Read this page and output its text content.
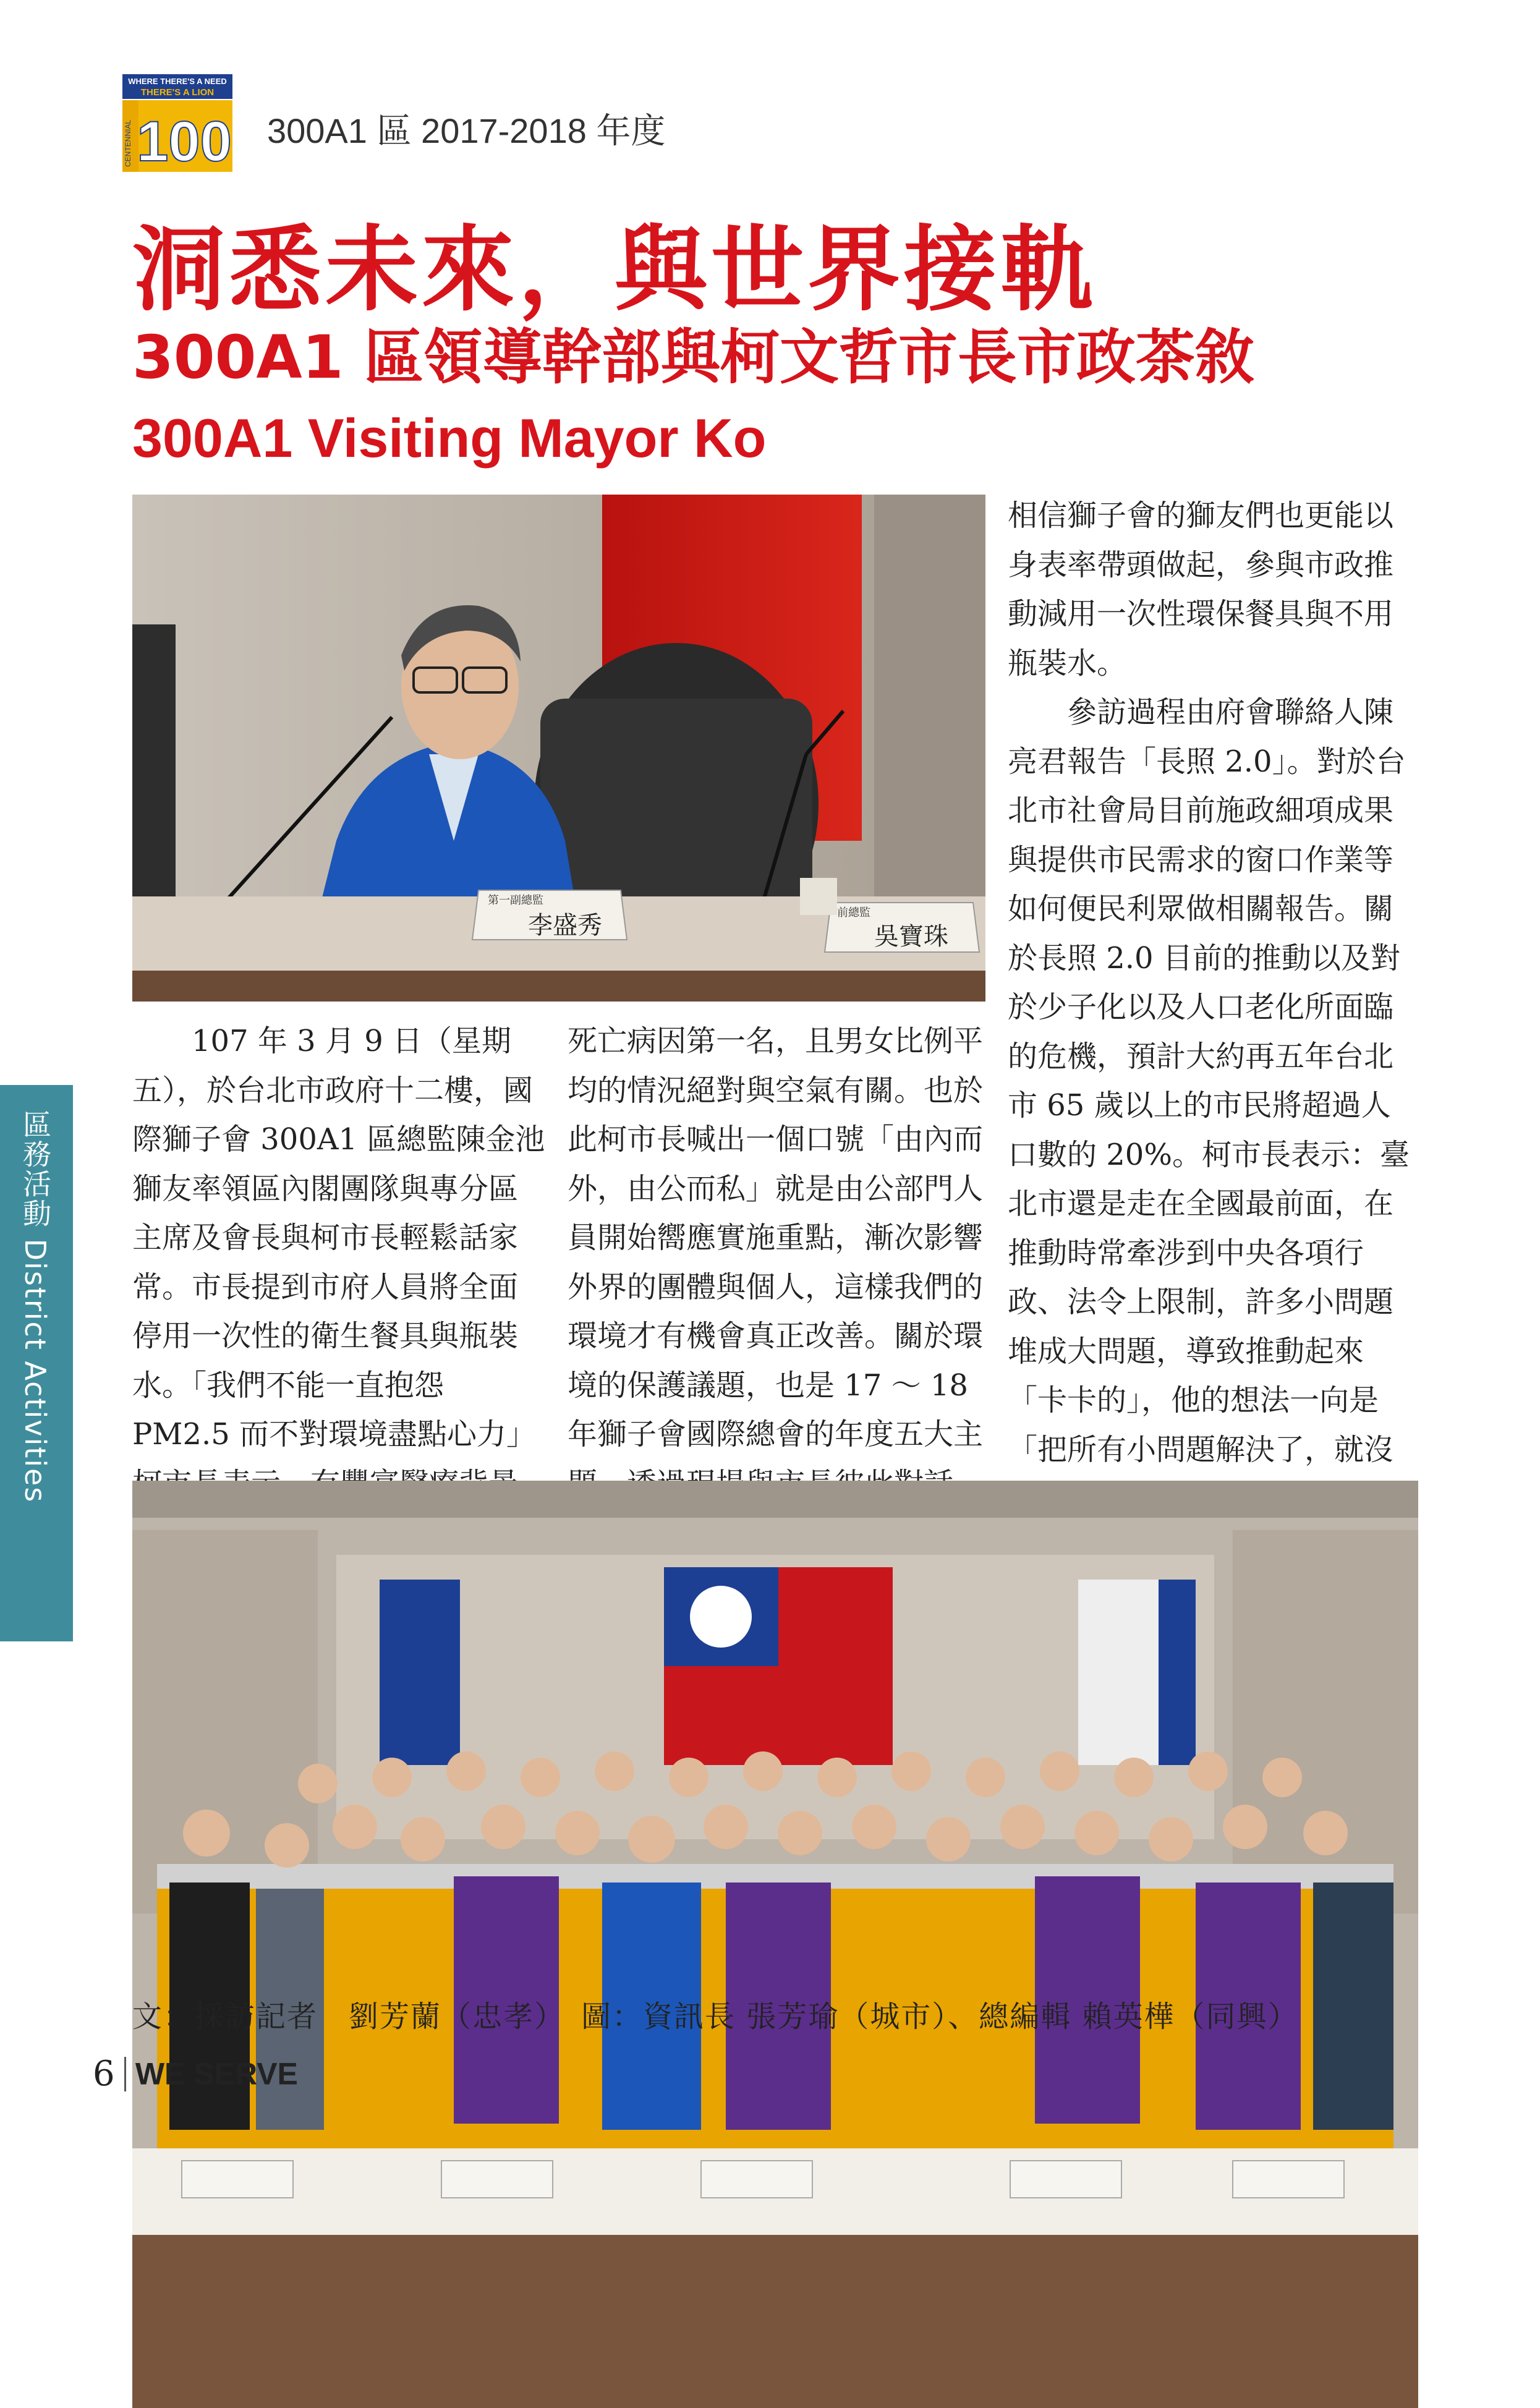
WHERE THERE'S A NEED
THERE'S A LION
CENTENNIAL 100 300A1 區 2017-2018 年度
洞悉未來，與世界接軌
300A1 區領導幹部與柯文哲市長市政茶敘
300A1 Visiting Mayor Ko
第一副總監
李盛秀	前總監
吳寶珠

相信獅子會的獅友們也更能以身表率帶頭做起，參與市政推動減用一次性環保餐具與不用瓶裝水。

參訪過程由府會聯絡人陳亮君報告「長照 2.0」。對於台北市社會局目前施政細項成果與提供市民需求的窗口作業等如何便民利眾做相關報告。關於長照 2.0 目前的推動以及對於少子化以及人口老化所面臨的危機，預計大約再五年台北市 65 歲以上的市民將超過人口數的 20%。柯市長表示：臺北市還是走在全國最前面，在推動時常牽涉到中央各項行政、法令上限制，許多小問題堆成大問題，導致推動起來「卡卡的」，他的想法一向是「把所有小問題解決了，就沒

107 年 3 月 9 日（星期五），於台北市政府十二樓，國際獅子會 300A1 區總監陳金池獅友率領區內閣團隊與專分區主席及會長與柯市長輕鬆話家常。市長提到市府人員將全面停用一次性的衛生餐具與瓶裝水。「我們不能一直抱怨 PM2.5 而不對環境盡點心力」

死亡病因第一名，且男女比例平均的情況絕對與空氣有關。也於此柯市長喊出一個口號「由內而外，由公而私」就是由公部門人員開始嚮應實施重點，漸次影響外界的團體與個人，這樣我們的環境才有機會真正改善。關於環境的保護議題，也是 17 ～ 18 年獅子會國際總會的年度五大主

區務活動 District Activities
文：採訪記者　劉芳蘭（忠孝）　圖：資訊長 張芳瑜（城市）、總編輯 賴英樺（同興）
6 WE SERVE
